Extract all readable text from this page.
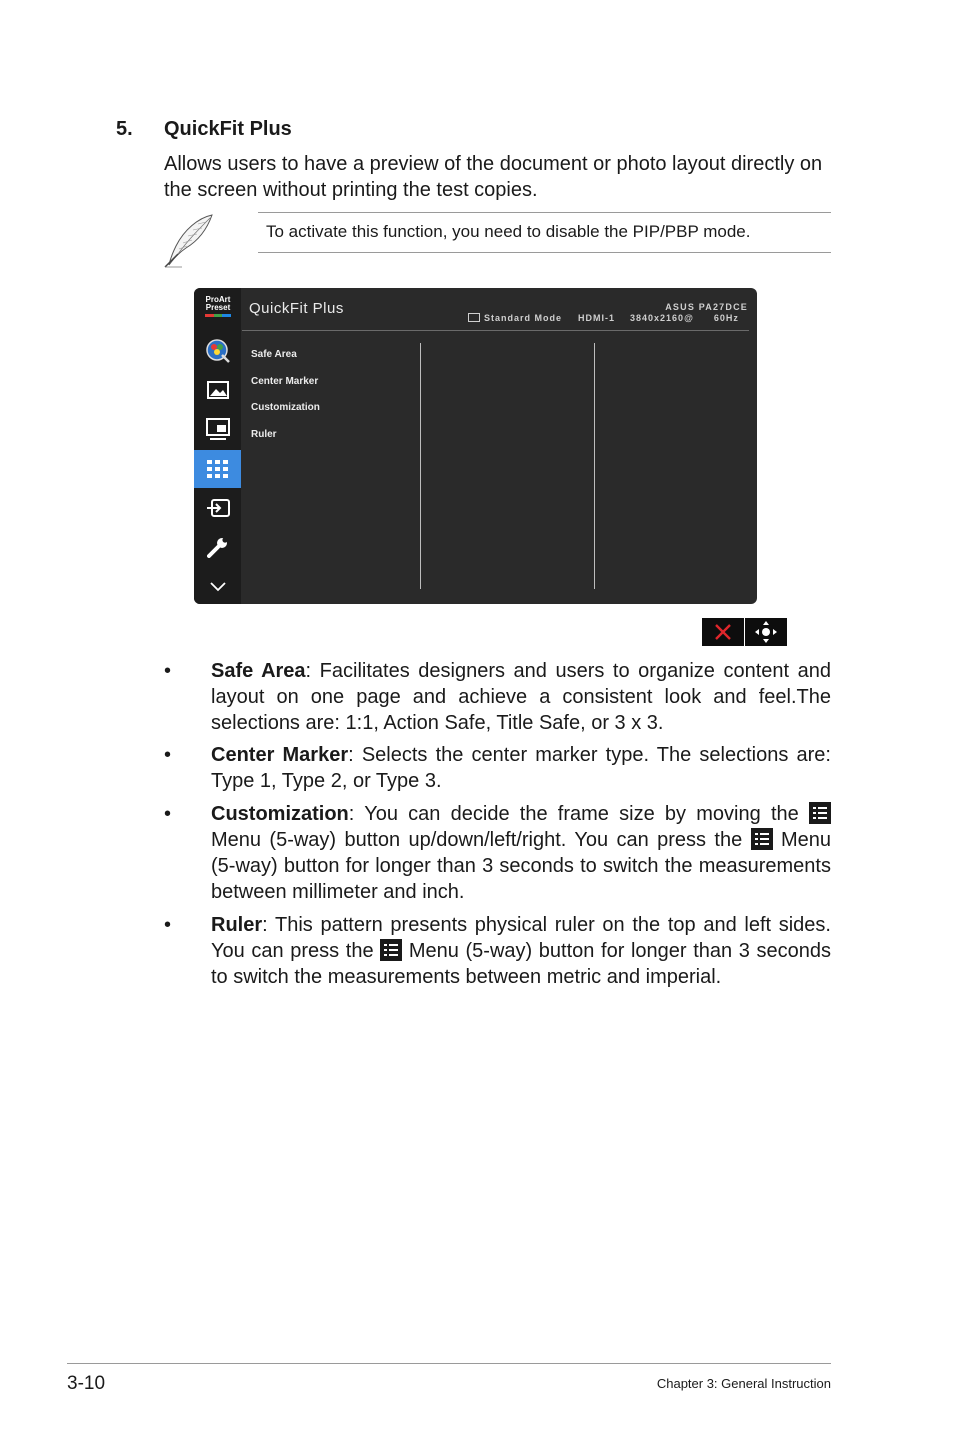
5. QuickFit Plus
Allows users to have a preview of the document or photo layout directly on the screen without printing the test copies.
To activate this function, you need to disable the PIP/PBP mode.
ProArt
Preset	QuickFit Plus	ASUS PA27DCE
Standard Mode HDMI-1 3840x2160@ 60Hz
Safe Area
Center Marker
Customization
Ruler
• Safe Area: Facilitates designers and users to organize content and layout on one page and achieve a consistent look and feel.The selections are: 1:1, Action Safe, Title Safe, or 3 x 3.
• Center Marker: Selects the center marker type. The selections are: Type 1, Type 2, or Type 3.
• Customization: You can decide the frame size by moving the
Menu (5-way) button up/down/left/right. You can press the
Menu (5-way) button for longer than 3 seconds to switch the measurements between millimeter and inch.
• Ruler: This pattern presents physical ruler on the top and left sides. You can press the
Menu (5-way) button for longer than 3 seconds to switch the measurements between metric and imperial.
3-10	Chapter 3: General Instruction
